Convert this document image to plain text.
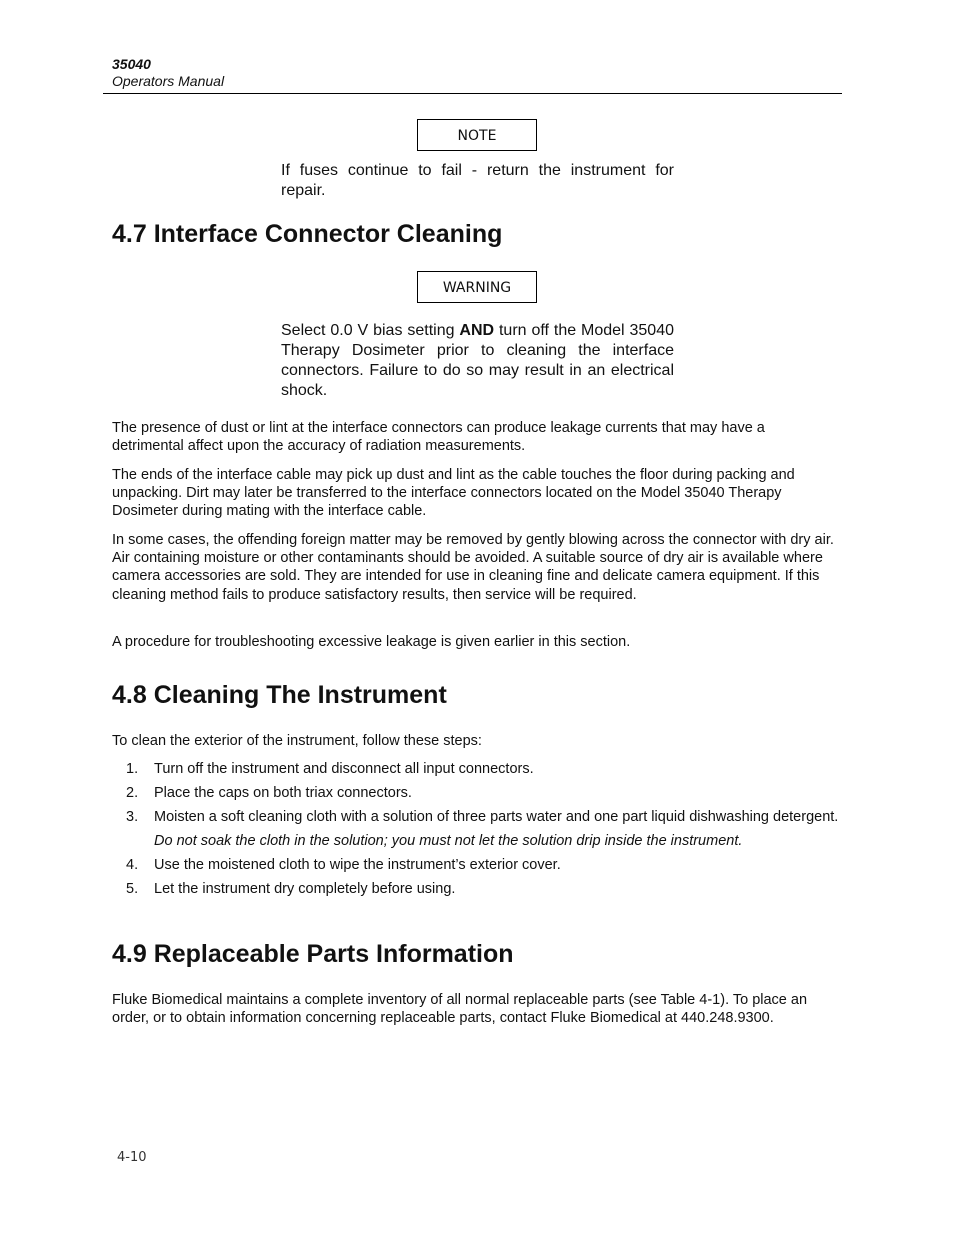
35040
Operators Manual
NOTE
If fuses continue to fail - return the instrument for repair.
4.7 Interface Connector Cleaning
WARNING
Select 0.0 V bias setting AND turn off the Model 35040 Therapy Dosimeter prior to cleaning the interface connectors. Failure to do so may result in an electrical shock.

The presence of dust or lint at the interface connectors can produce leakage currents that may have a detrimental affect upon the accuracy of radiation measurements.

The ends of the interface cable may pick up dust and lint as the cable touches the floor during packing and unpacking. Dirt may later be transferred to the interface connectors located on the Model 35040 Therapy Dosimeter during mating with the interface cable.

In some cases, the offending foreign matter may be removed by gently blowing across the connector with dry air. Air containing moisture or other contaminants should be avoided. A suitable source of dry air is available where camera accessories are sold. They are intended for use in cleaning fine and delicate camera equipment. If this cleaning method fails to produce satisfactory results, then service will be required.

A procedure for troubleshooting excessive leakage is given earlier in this section.

4.8 Cleaning The Instrument

To clean the exterior of the instrument, follow these steps:

1. Turn off the instrument and disconnect all input connectors.
2. Place the caps on both triax connectors.
3. Moisten a soft cleaning cloth with a solution of three parts water and one part liquid dishwashing detergent.
Do not soak the cloth in the solution; you must not let the solution drip inside the instrument.
4. Use the moistened cloth to wipe the instrument’s exterior cover.
5. Let the instrument dry completely before using.
4.9 Replaceable Parts Information

Fluke Biomedical maintains a complete inventory of all normal replaceable parts (see Table 4-1). To place an order, or to obtain information concerning replaceable parts, contact Fluke Biomedical at 440.248.9300.

4-10
